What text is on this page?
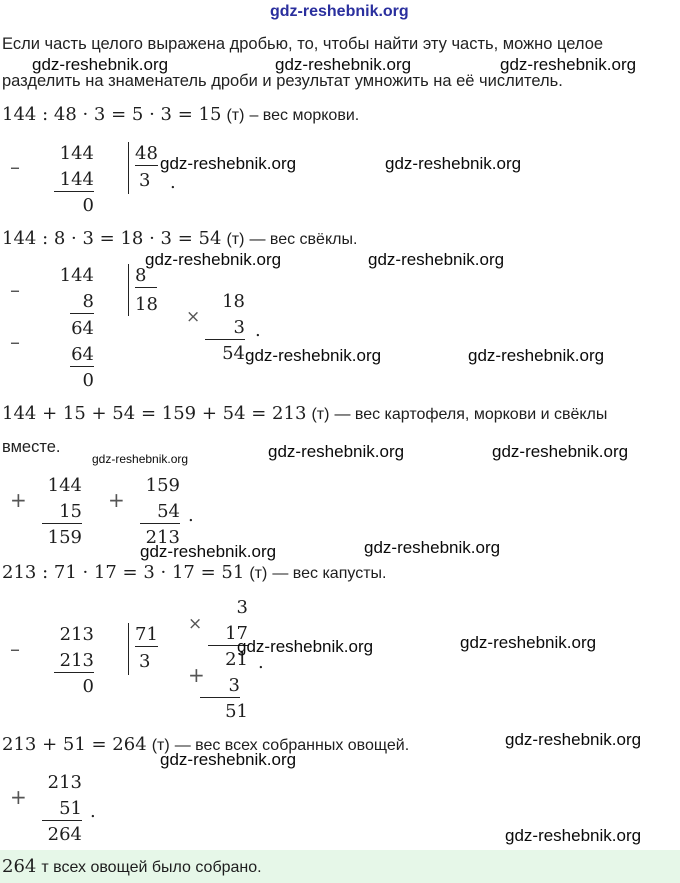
gdz-reshebnik.org
Если часть целого выражена дробью, то, чтобы найти эту часть, можно целое
gdz-reshebnik.org	gdz-reshebnik.org	gdz-reshebnik.org
разделить на знаменатель дроби и результат умножить на её числитель.
144 : 48 · 3 = 5 · 3 = 15 (т) – вес моркови.
–
144
144
0
48
3 .
gdz-reshebnik.org	gdz-reshebnik.org
144 : 8 · 3 = 18 · 3 = 54 (т) — вес свёклы.
–
144
8
–
64
64
0
8
18
gdz-reshebnik.org	gdz-reshebnik.org
×
18
3
54
.
gdz-reshebnik.org	gdz-reshebnik.org
144 + 15 + 54 = 159 + 54 = 213 (т) — вес картофеля, моркови и свёклы
вместе.
gdz-reshebnik.org	gdz-reshebnik.org	gdz-reshebnik.org
+
144
15
159
+
159
54
213
.
gdz-reshebnik.org	gdz-reshebnik.org
213 : 71 · 17 = 3 · 17 = 51 (т) — вес капусты.
–
213
213
0
71
3
×
3
17
21
+	3
51
.
gdz-reshebnik.org	gdz-reshebnik.org
213 + 51 = 264 (т) — вес всех собранных овощей.	gdz-reshebnik.org
gdz-reshebnik.org
+
213
51
264
.
gdz-reshebnik.org
264 т всех овощей было собрано.
